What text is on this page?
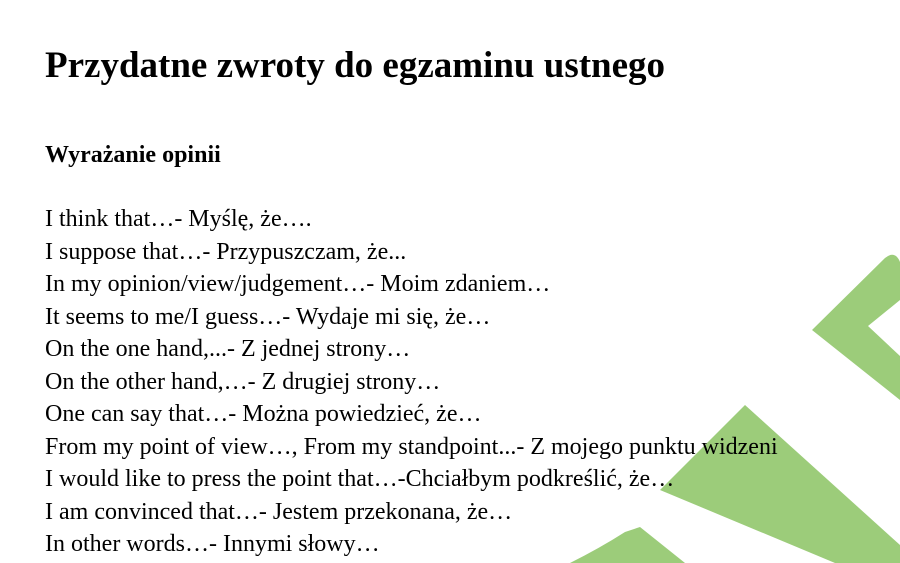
Przydatne zwroty do egzaminu ustnego
Wyrażanie opinii
I think that…- Myślę, że….
I suppose that…- Przypuszczam, że...
In my opinion/view/judgement…- Moim zdaniem…
It seems to me/I guess…- Wydaje mi się, że…
On the one hand,...- Z jednej strony…
On the other hand,…- Z drugiej strony…
One can say that…- Można powiedzieć, że…
From my point of view…, From my standpoint...- Z mojego punktu widzeni
I would like to press the point that…-Chciałbym podkreślić, że…
I am convinced that…- Jestem przekonana, że…
In other words…- Innymi słowy…
